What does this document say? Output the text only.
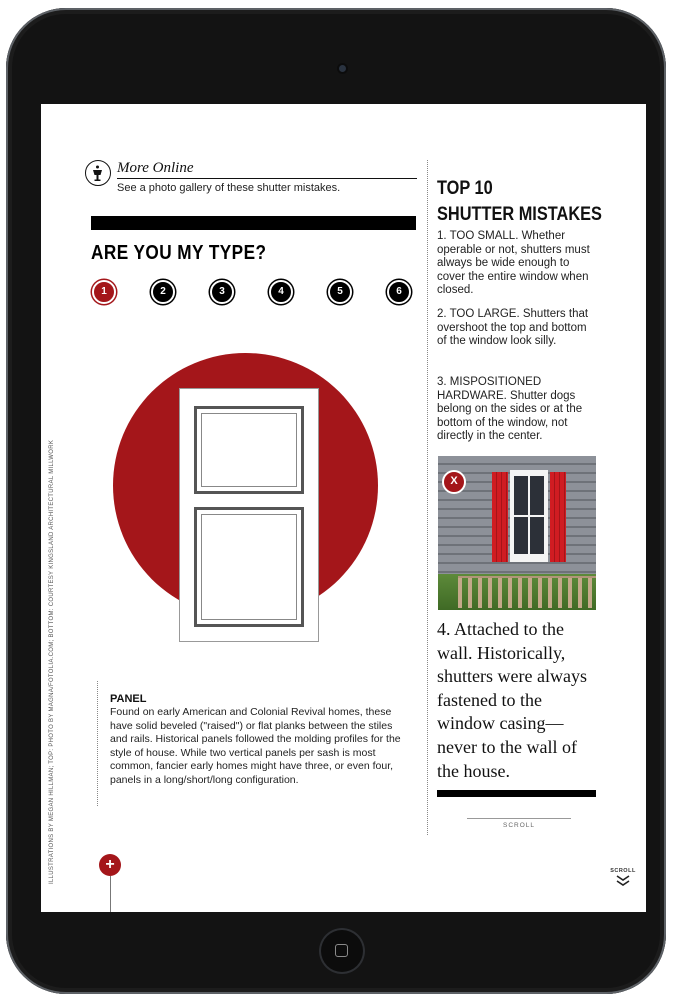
More Online
See a photo gallery of these shutter mistakes.
ARE YOU MY TYPE?
1	2	3	4	5	6
ILLUSTRATIONS BY MEGAN HILLMAN; TOP: PHOTO BY MAGNA/FOTOLIA.COM; BOTTOM: COURTESY KINGSLAND ARCHITECTURAL MILLWORK	PANEL
Found on early American and Colonial Revival homes, these have solid beveled ("raised") or flat planks between the stiles and rails. Historical panels followed the molding profiles for the style of house. While two vertical panels per sash is most common, fancier early homes might have three, or even four, panels in a long/short/long configuration.
+
TOP 10
SHUTTER MISTAKES
1. TOO SMALL. Whether operable or not, shutters must always be wide enough to cover the entire window when closed.
2. TOO LARGE. Shutters that overshoot the top and bottom of the window look silly.
3. MISPOSITIONED HARDWARE. Shutter dogs belong on the sides or at the bottom of the window, not directly in the center.
X
4. Attached to the wall. Historically, shutters were always fastened to the window casing—never to the wall of the house.
SCROLL
SCROLL
